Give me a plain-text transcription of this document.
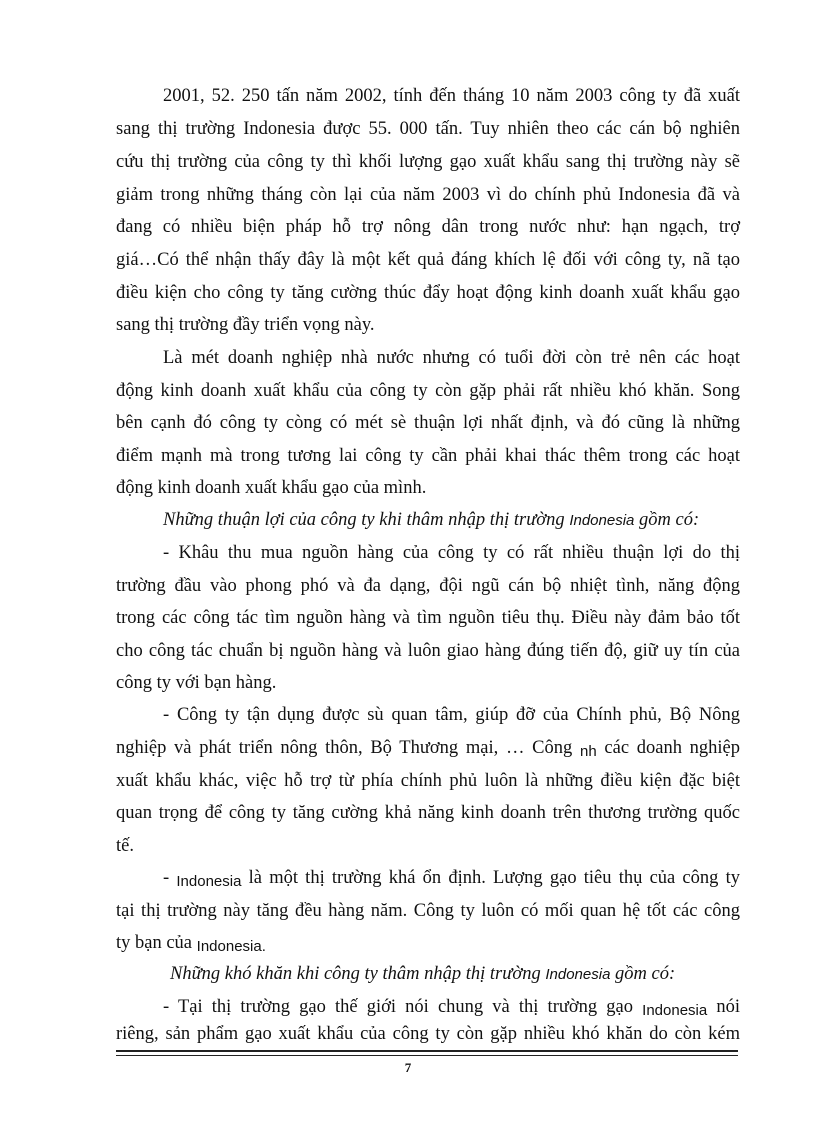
2001, 52. 250 tấn năm 2002, tính đến tháng 10 năm 2003 công ty đã xuất
sang thị trường Indonesia được 55. 000 tấn. Tuy nhiên theo các cán bộ nghiên
cứu thị trường của công ty thì khối lượng gạo xuất khẩu sang thị trường này sẽ
giảm trong những tháng còn lại của năm 2003 vì do chính phủ Indonesia đã và
đang có nhiều biện pháp hỗ trợ nông dân trong nước như: hạn ngạch, trợ
giá…Có thể nhận thấy đây là một kết quả đáng khích lệ đối với công ty, nã tạo
điều kiện cho công ty tăng cường thúc đẩy hoạt động kinh doanh xuất khẩu gạo
sang thị trường đầy triển vọng này.
Là mét doanh nghiệp nhà nước nhưng có tuổi đời còn trẻ nên các hoạt
động kinh doanh xuất khẩu của công ty còn gặp phải rất nhiều khó khăn. Song
bên cạnh đó công ty còng có mét sè thuận lợi nhất định, và đó cũng là những
điểm mạnh mà trong tương lai công ty cần phải khai thác thêm trong các hoạt
động kinh doanh xuất khẩu gạo của mình.
Những thuận lợi của công ty khi thâm nhập thị trường Indonesia gồm có:
- Khâu thu mua nguồn hàng của công ty có rất nhiều thuận lợi do thị
trường đầu vào phong phó và đa dạng, đội ngũ cán bộ nhiệt tình, năng động
trong các công tác tìm nguồn hàng và tìm nguồn tiêu thụ. Điều này đảm bảo tốt
cho công tác chuẩn bị nguồn hàng và luôn giao hàng đúng tiến độ, giữ uy tín của
công ty với bạn hàng.
- Công ty tận dụng được sù quan tâm, giúp đỡ của Chính phủ, Bộ Nông
nghiệp và phát triển nông thôn, Bộ Thương mại, … Công nh các doanh nghiệp
xuất khẩu khác, việc hỗ trợ từ phía chính phủ luôn là những điều kiện đặc biệt
quan trọng để công ty tăng cường khả năng kinh doanh trên thương trường quốc
tế.
- Indonesia là một thị trường khá ổn định. Lượng gạo tiêu thụ của công ty
tại thị trường này tăng đều hàng năm. Công ty luôn có mối quan hệ tốt các công
ty bạn của Indonesia.
Những khó khăn khi công ty thâm nhập thị trường Indonesia gồm có:
- Tại thị trường gạo thế giới nói chung và thị trường gạo Indonesia nói
riêng, sản phẩm gạo xuất khẩu của công ty còn gặp nhiều khó khăn do còn kém
7
